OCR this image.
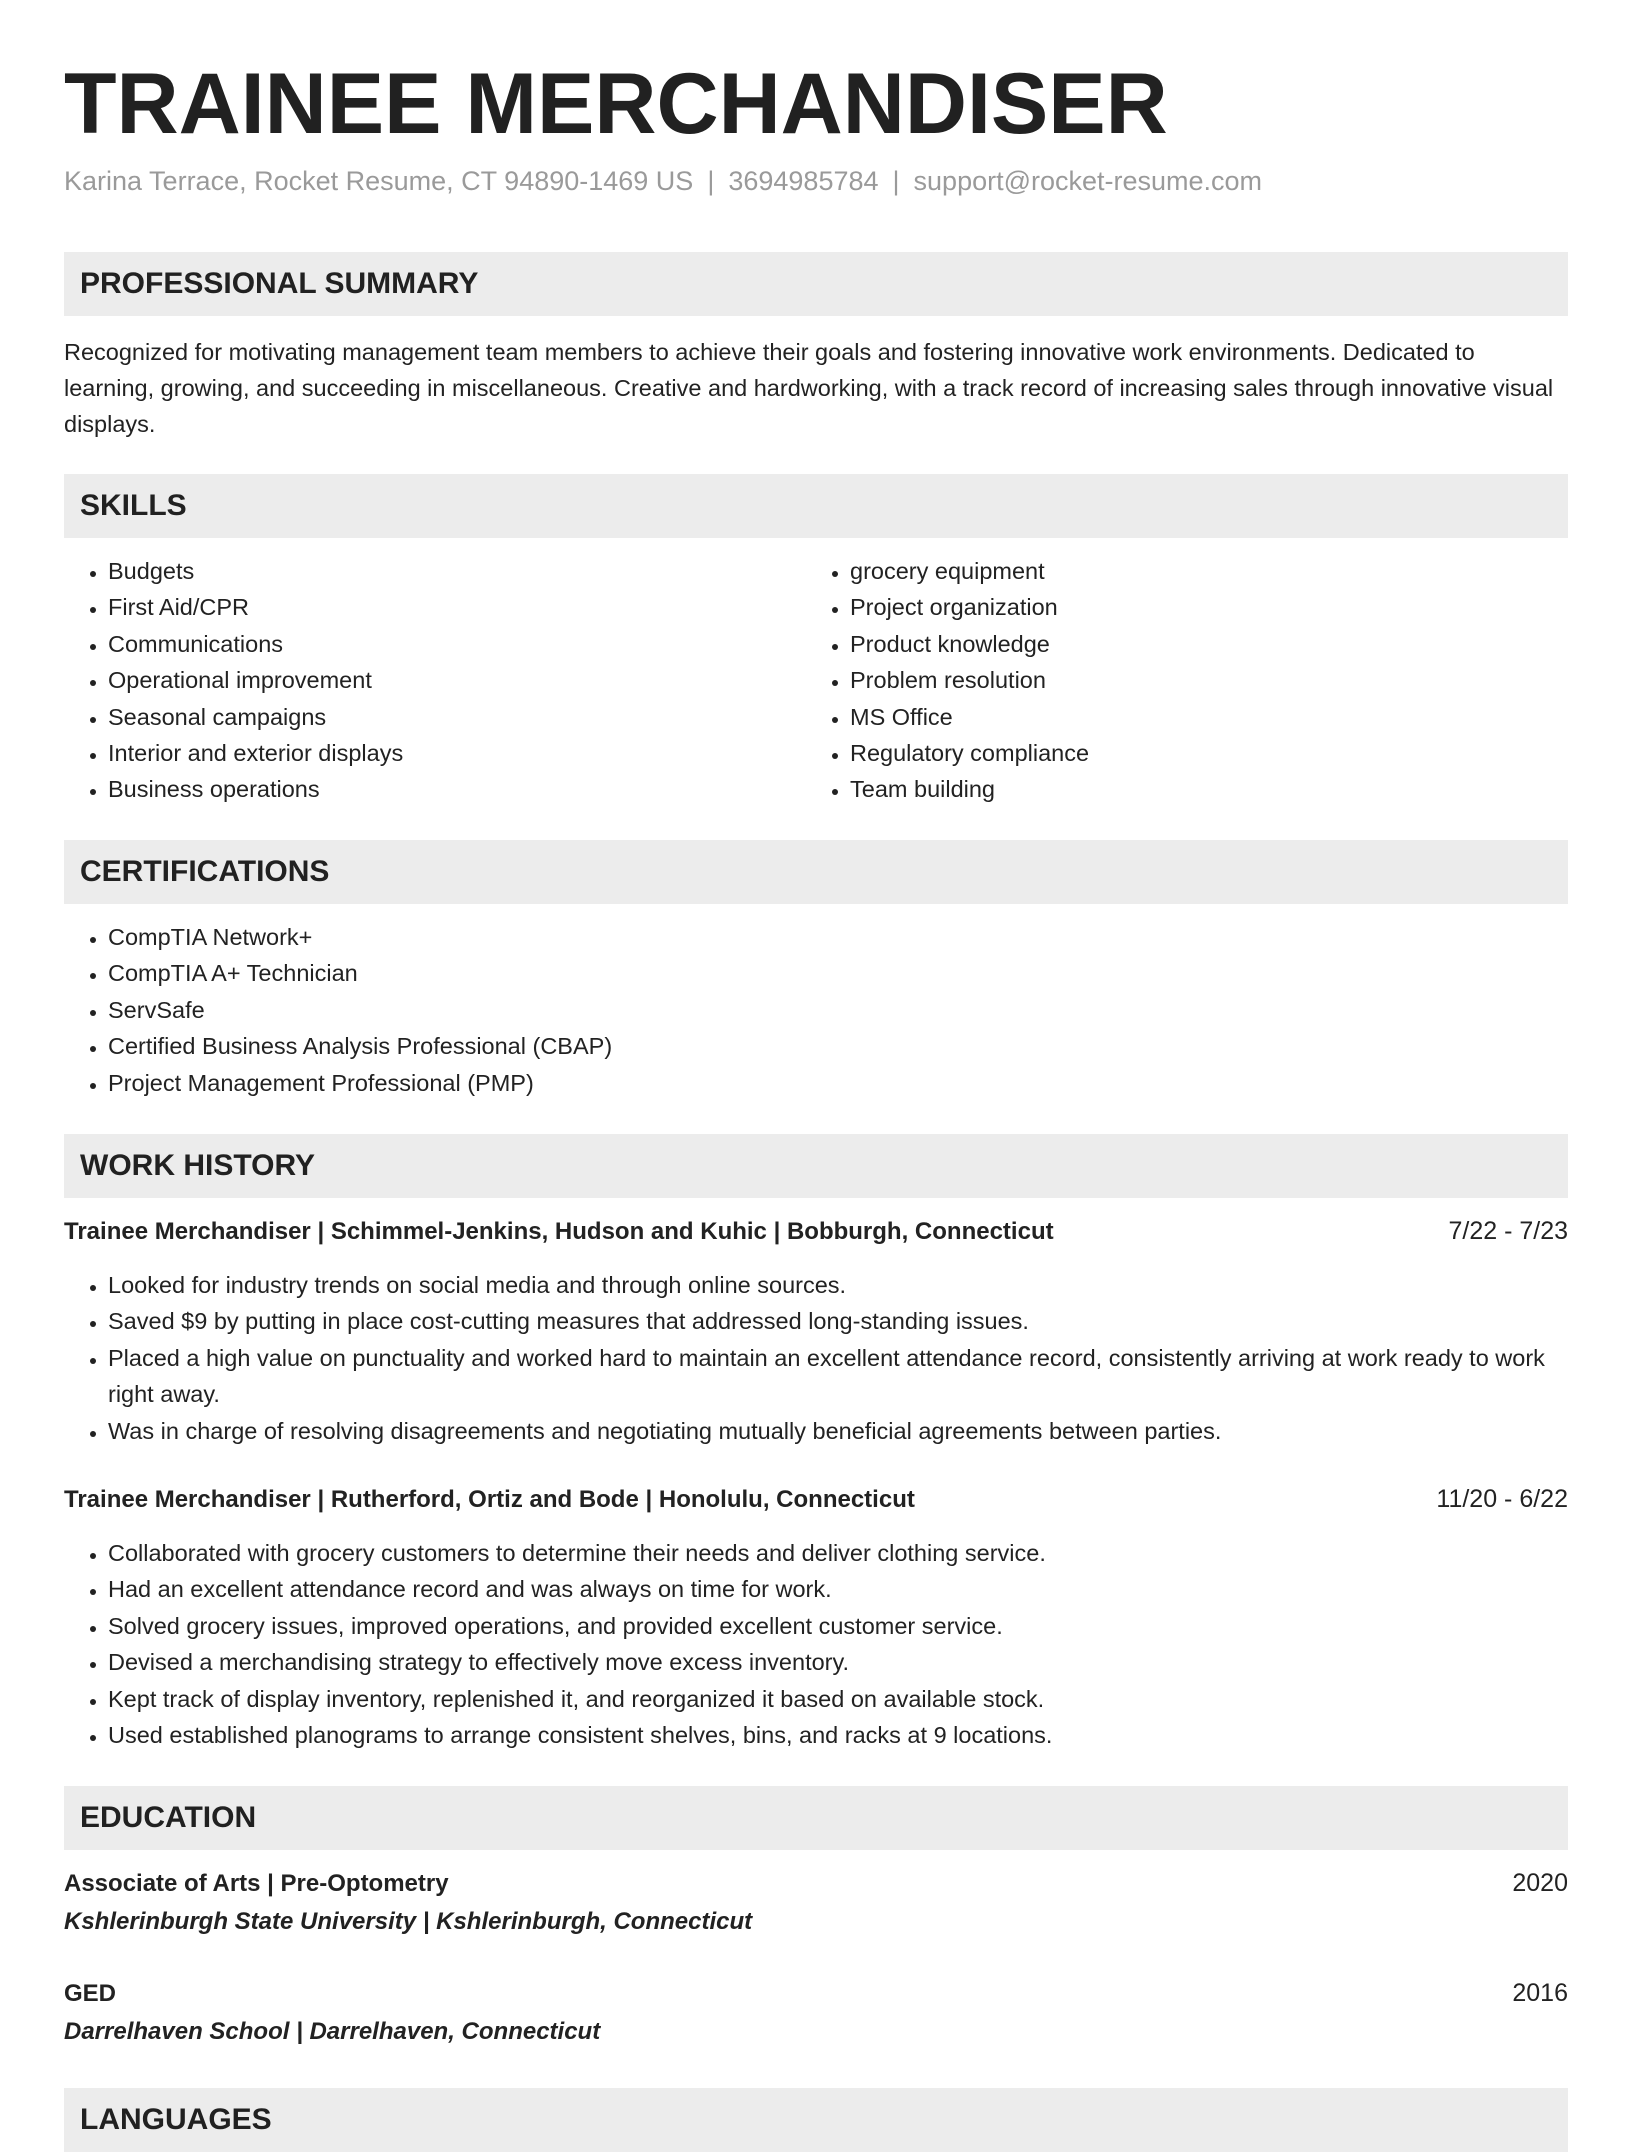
TRAINEE MERCHANDISER
Karina Terrace, Rocket Resume, CT 94890-1469 US | 3694985784 | support@rocket-resume.com
PROFESSIONAL SUMMARY

Recognized for motivating management team members to achieve their goals and fostering innovative work environments. Dedicated to learning, growing, and succeeding in miscellaneous. Creative and hardworking, with a track record of increasing sales through innovative visual displays.

SKILLS
• Budgets
• First Aid/CPR
• Communications
• Operational improvement
• Seasonal campaigns
• Interior and exterior displays
• Business operations
• grocery equipment
• Project organization
• Product knowledge
• Problem resolution
• MS Office
• Regulatory compliance
• Team building
CERTIFICATIONS
• CompTIA Network+
• CompTIA A+ Technician
• ServSafe
• Certified Business Analysis Professional (CBAP)
• Project Management Professional (PMP)
WORK HISTORY
Trainee Merchandiser | Schimmel-Jenkins, Hudson and Kuhic | Bobburgh, Connecticut	7/22 - 7/23
• Looked for industry trends on social media and through online sources.
• Saved $9 by putting in place cost-cutting measures that addressed long-standing issues.
• Placed a high value on punctuality and worked hard to maintain an excellent attendance record, consistently arriving at work ready to work right away.
• Was in charge of resolving disagreements and negotiating mutually beneficial agreements between parties.
Trainee Merchandiser | Rutherford, Ortiz and Bode | Honolulu, Connecticut	11/20 - 6/22
• Collaborated with grocery customers to determine their needs and deliver clothing service.
• Had an excellent attendance record and was always on time for work.
• Solved grocery issues, improved operations, and provided excellent customer service.
• Devised a merchandising strategy to effectively move excess inventory.
• Kept track of display inventory, replenished it, and reorganized it based on available stock.
• Used established planograms to arrange consistent shelves, bins, and racks at 9 locations.
EDUCATION
Associate of Arts | Pre-Optometry	2020
Kshlerinburgh State University | Kshlerinburgh, Connecticut
GED	2016
Darrelhaven School | Darrelhaven, Connecticut
LANGUAGES
